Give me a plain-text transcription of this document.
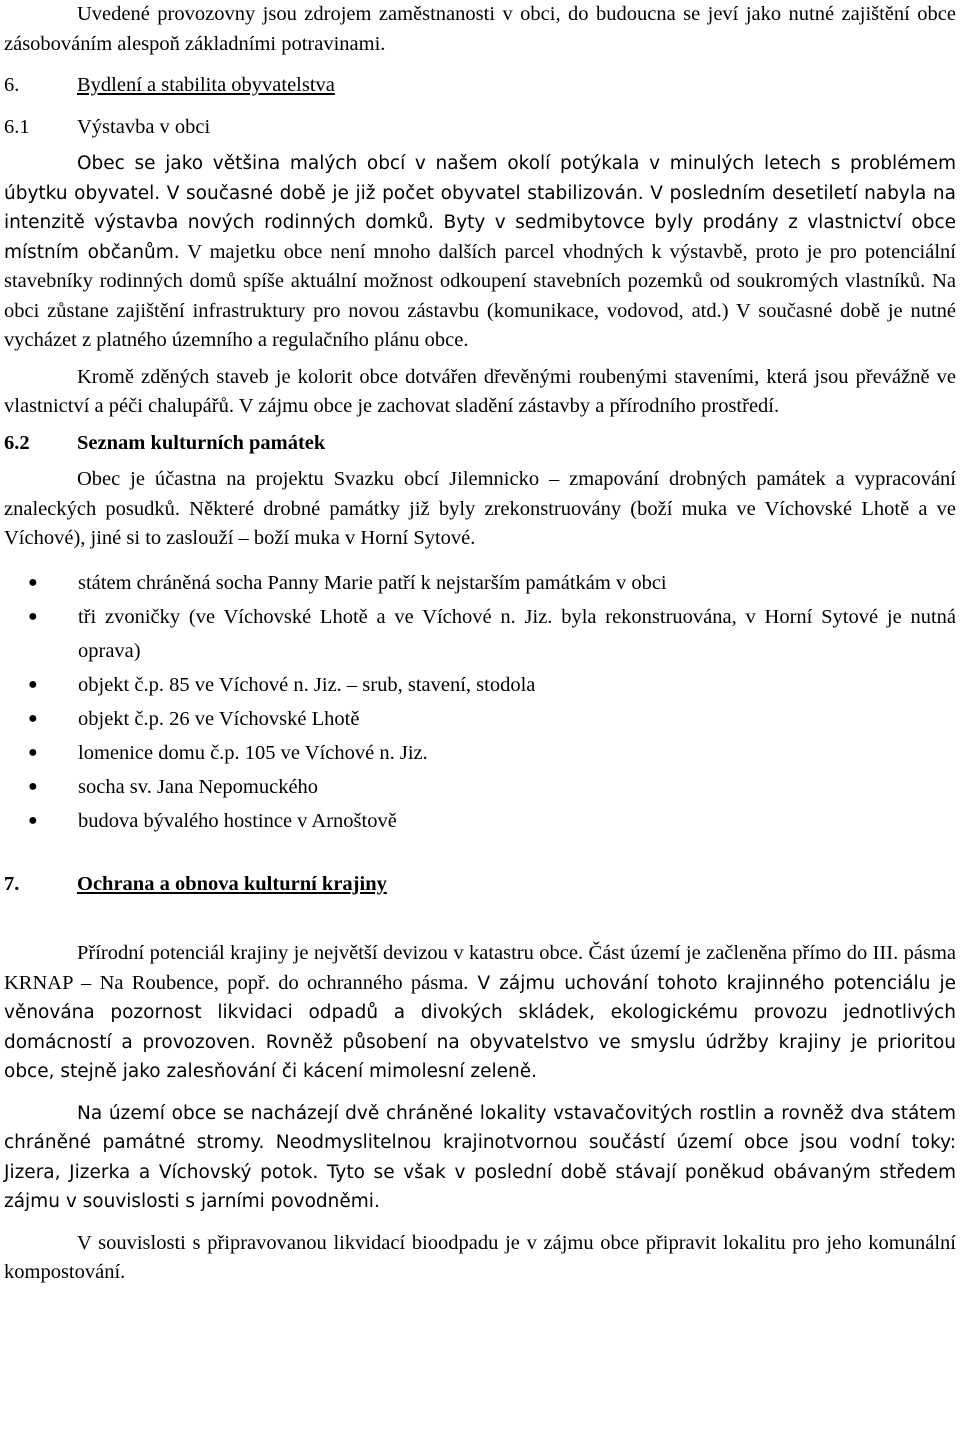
Uvedené provozovny jsou zdrojem zaměstnanosti v obci, do budoucna se jeví jako nutné zajištění obce zásobováním alespoň základními potravinami.

6.	Bydlení a stabilita obyvatelstva
6.1 Výstavba v obci

Obec se jako většina malých obcí v našem okolí potýkala v minulých letech s problémem úbytku obyvatel. V současné době je již počet obyvatel stabilizován. V posledním desetiletí nabyla na intenzitě výstavba nových rodinných domků. Byty v sedmibytovce byly prodány z vlastnictví obce místním občanům. V majetku obce není mnoho dalších parcel vhodných k výstavbě, proto je pro potenciální stavebníky rodinných domů spíše aktuální možnost odkoupení stavebních pozemků od soukromých vlastníků. Na obci zůstane zajištění infrastruktury pro novou zástavbu (komunikace, vodovod, atd.) V současné době je nutné vycházet z platného územního a regulačního plánu obce.

Kromě zděných staveb je kolorit obce dotvářen dřevěnými roubenými staveními, která jsou převážně ve vlastnictví a péči chalupářů. V zájmu obce je zachovat sladění zástavby a přírodního prostředí.

6.2 Seznam kulturních památek

Obec je účastna na projektu Svazku obcí Jilemnicko – zmapování drobných památek a vypracování znaleckých posudků. Některé drobné památky již byly zrekonstruovány (boží muka ve Víchovské Lhotě a ve Víchové), jiné si to zaslouží – boží muka v Horní Sytové.

● státem chráněná socha Panny Marie patří k nejstarším památkám v obci
● tři zvoničky (ve Víchovské Lhotě a ve Víchové n. Jiz. byla rekonstruována, v Horní Sytové je nutná oprava)
● objekt č.p. 85 ve Víchové n. Jiz. – srub, stavení, stodola
● objekt č.p. 26 ve Víchovské Lhotě
● lomenice domu č.p. 105 ve Víchové n. Jiz.
● socha sv. Jana Nepomuckého
● budova bývalého hostince v Arnoštově
7.	Ochrana a obnova kulturní krajiny

Přírodní potenciál krajiny je největší devizou v katastru obce. Část území je začleněna přímo do III. pásma KRNAP – Na Roubence, popř. do ochranného pásma. V zájmu uchování tohoto krajinného potenciálu je věnována pozornost likvidaci odpadů a divokých skládek, ekologickému provozu jednotlivých domácností a provozoven. Rovněž působení na obyvatelstvo ve smyslu údržby krajiny je prioritou obce, stejně jako zalesňování či kácení mimolesní zeleně.

Na území obce se nacházejí dvě chráněné lokality vstavačovitých rostlin a rovněž dva státem chráněné památné stromy. Neodmyslitelnou krajinotvornou součástí území obce jsou vodní toky: Jizera, Jizerka a Víchovský potok. Tyto se však v poslední době stávají poněkud obávaným středem zájmu v souvislosti s jarními povodněmi.

V souvislosti s připravovanou likvidací bioodpadu je v zájmu obce připravit lokalitu pro jeho komunální kompostování.
